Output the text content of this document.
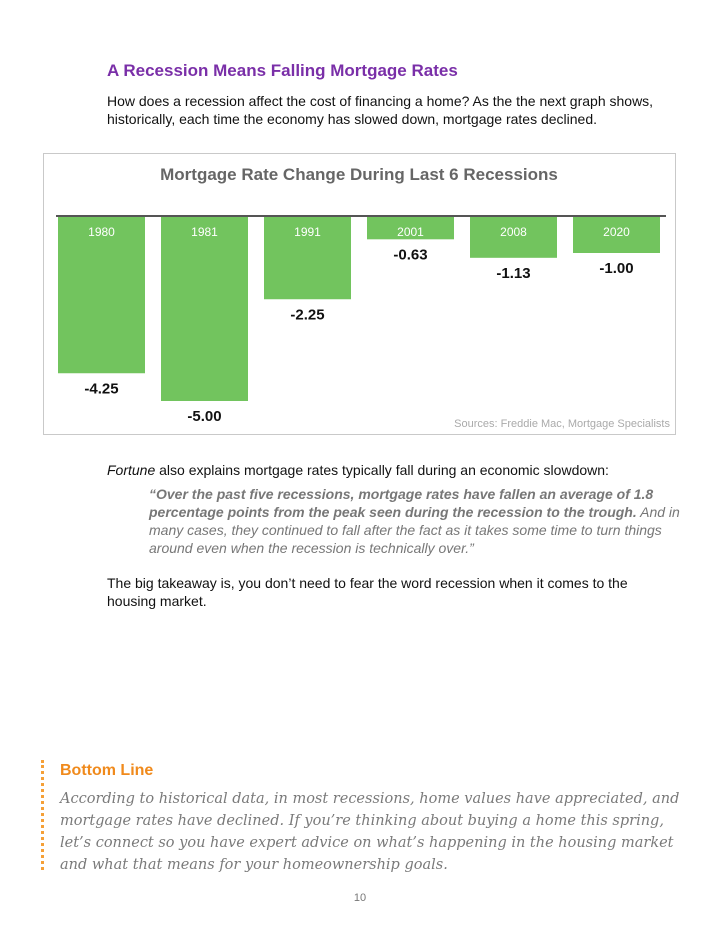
A Recession Means Falling Mortgage Rates

How does a recession affect the cost of financing a home? As the the next graph shows, historically, each time the economy has slowed down, mortgage rates declined.

Mortgage Rate Change During Last 6 Recessions
1980
-4.25
1981
-5.00
1991
-2.25
2001
-0.63
2008
-1.13
2020
-1.00
Sources: Freddie Mac, Mortgage Specialists

Fortune also explains mortgage rates typically fall during an economic slowdown:

“Over the past five recessions, mortgage rates have fallen an average of 1.8 percentage points from the peak seen during the recession to the trough. And in many cases, they continued to fall after the fact as it takes some time to turn things around even when the recession is technically over.”

The big takeaway is, you don’t need to fear the word recession when it comes to the housing market.

Bottom Line

According to historical data, in most recessions, home values have appreciated, and mortgage rates have declined. If you’re thinking about buying a home this spring, let’s connect so you have expert advice on what’s happening in the housing market and what that means for your homeownership goals.

10
